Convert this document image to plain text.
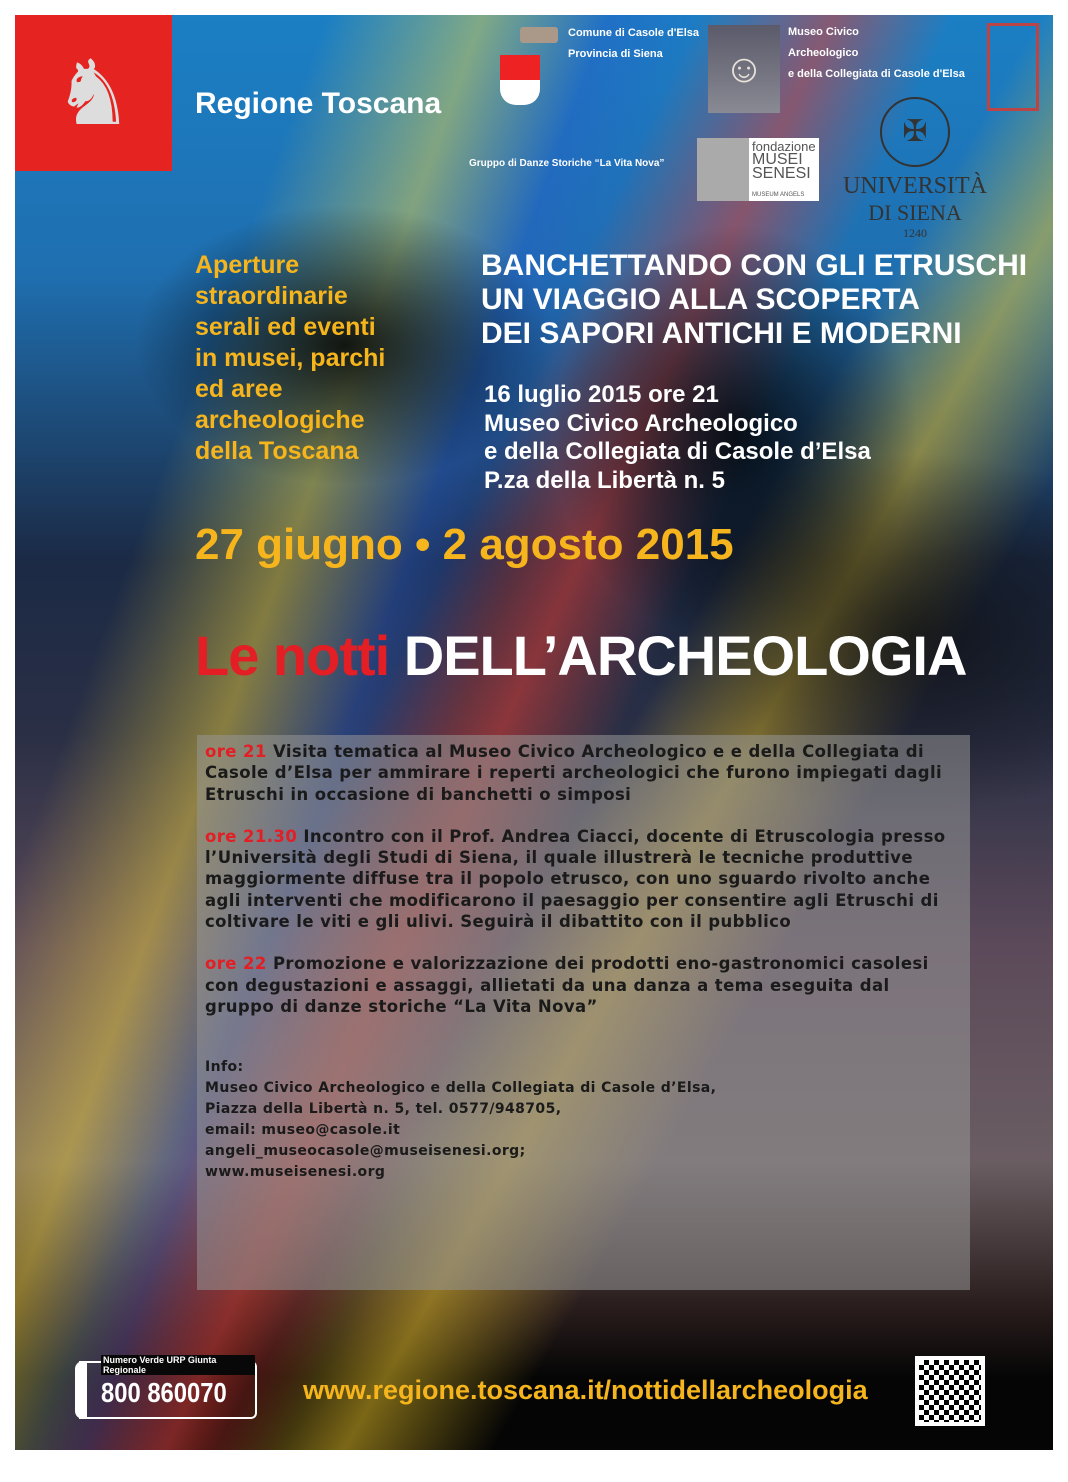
♞	Regione Toscana
Comune di Casole d'Elsa
Provincia di Siena	☺
Museo Civico
Archeologico
e della Collegiata di Casole d'Elsa
Gruppo di Danze Storiche “La Vita Nova”
fondazione
MUSEI
SENESI
MUSEUM ANGELS
✠
UNIVERSITÀ
DI SIENA
1240
Aperture
straordinarie
serali ed eventi
in musei, parchi
ed aree
archeologiche
della Toscana
BANCHETTANDO CON GLI ETRUSCHI
UN VIAGGIO ALLA SCOPERTA
DEI SAPORI ANTICHI E MODERNI
16 luglio 2015 ore 21
Museo Civico Archeologico
e della Collegiata di Casole d’Elsa
P.za della Libertà n. 5
27 giugno • 2 agosto 2015
Le notti DELL’ARCHEOLOGIA

ore 21 Visita tematica al Museo Civico Archeologico e e della Collegiata di Casole d’Elsa per ammirare i reperti archeologici che furono impiegati dagli Etruschi in occasione di banchetti o simposi

ore 21.30 Incontro con il Prof. Andrea Ciacci, docente di Etruscologia presso l’Università degli Studi di Siena, il quale illustrerà le tecniche produttive maggiormente diffuse tra il popolo etrusco, con uno sguardo rivolto anche agli interventi che modificarono il paesaggio per consentire agli Etruschi di coltivare le viti e gli ulivi. Seguirà il dibattito con il pubblico

ore 22 Promozione e valorizzazione dei prodotti eno-gastronomici casolesi con degustazioni e assaggi, allietati da una danza a tema eseguita dal gruppo di danze storiche “La Vita Nova”

Info:
Museo Civico Archeologico e della Collegiata di Casole d’Elsa,
Piazza della Libertà n. 5, tel. 0577/948705,
email: museo@casole.it
angeli_museocasole@museisenesi.org;
www.museisenesi.org
Numero Verde URP Giunta Regionale
800 860070	www.regione.toscana.it/nottidellarcheologia
